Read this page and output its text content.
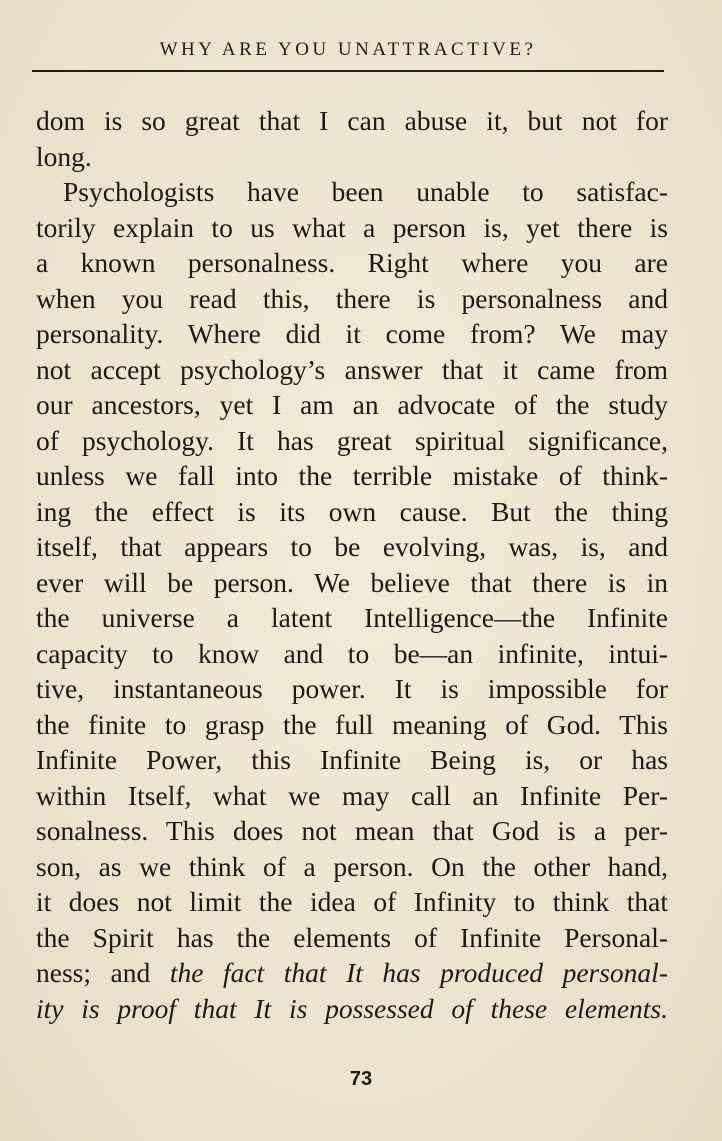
WHY ARE YOU UNATTRACTIVE?
dom is so great that I can abuse it, but not for
long.
Psychologists have been unable to satisfac-
torily explain to us what a person is, yet there is
a known personalness. Right where you are
when you read this, there is personalness and
personality. Where did it come from? We may
not accept psychology’s answer that it came from
our ancestors, yet I am an advocate of the study
of psychology. It has great spiritual significance,
unless we fall into the terrible mistake of think-
ing the effect is its own cause. But the thing
itself, that appears to be evolving, was, is, and
ever will be person. We believe that there is in
the universe a latent Intelligence—the Infinite
capacity to know and to be—an infinite, intui-
tive, instantaneous power. It is impossible for
the finite to grasp the full meaning of God. This
Infinite Power, this Infinite Being is, or has
within Itself, what we may call an Infinite Per-
sonalness. This does not mean that God is a per-
son, as we think of a person. On the other hand,
it does not limit the idea of Infinity to think that
the Spirit has the elements of Infinite Personal-
ness; and the fact that It has produced personal-
ity is proof that It is possessed of these elements.
73
